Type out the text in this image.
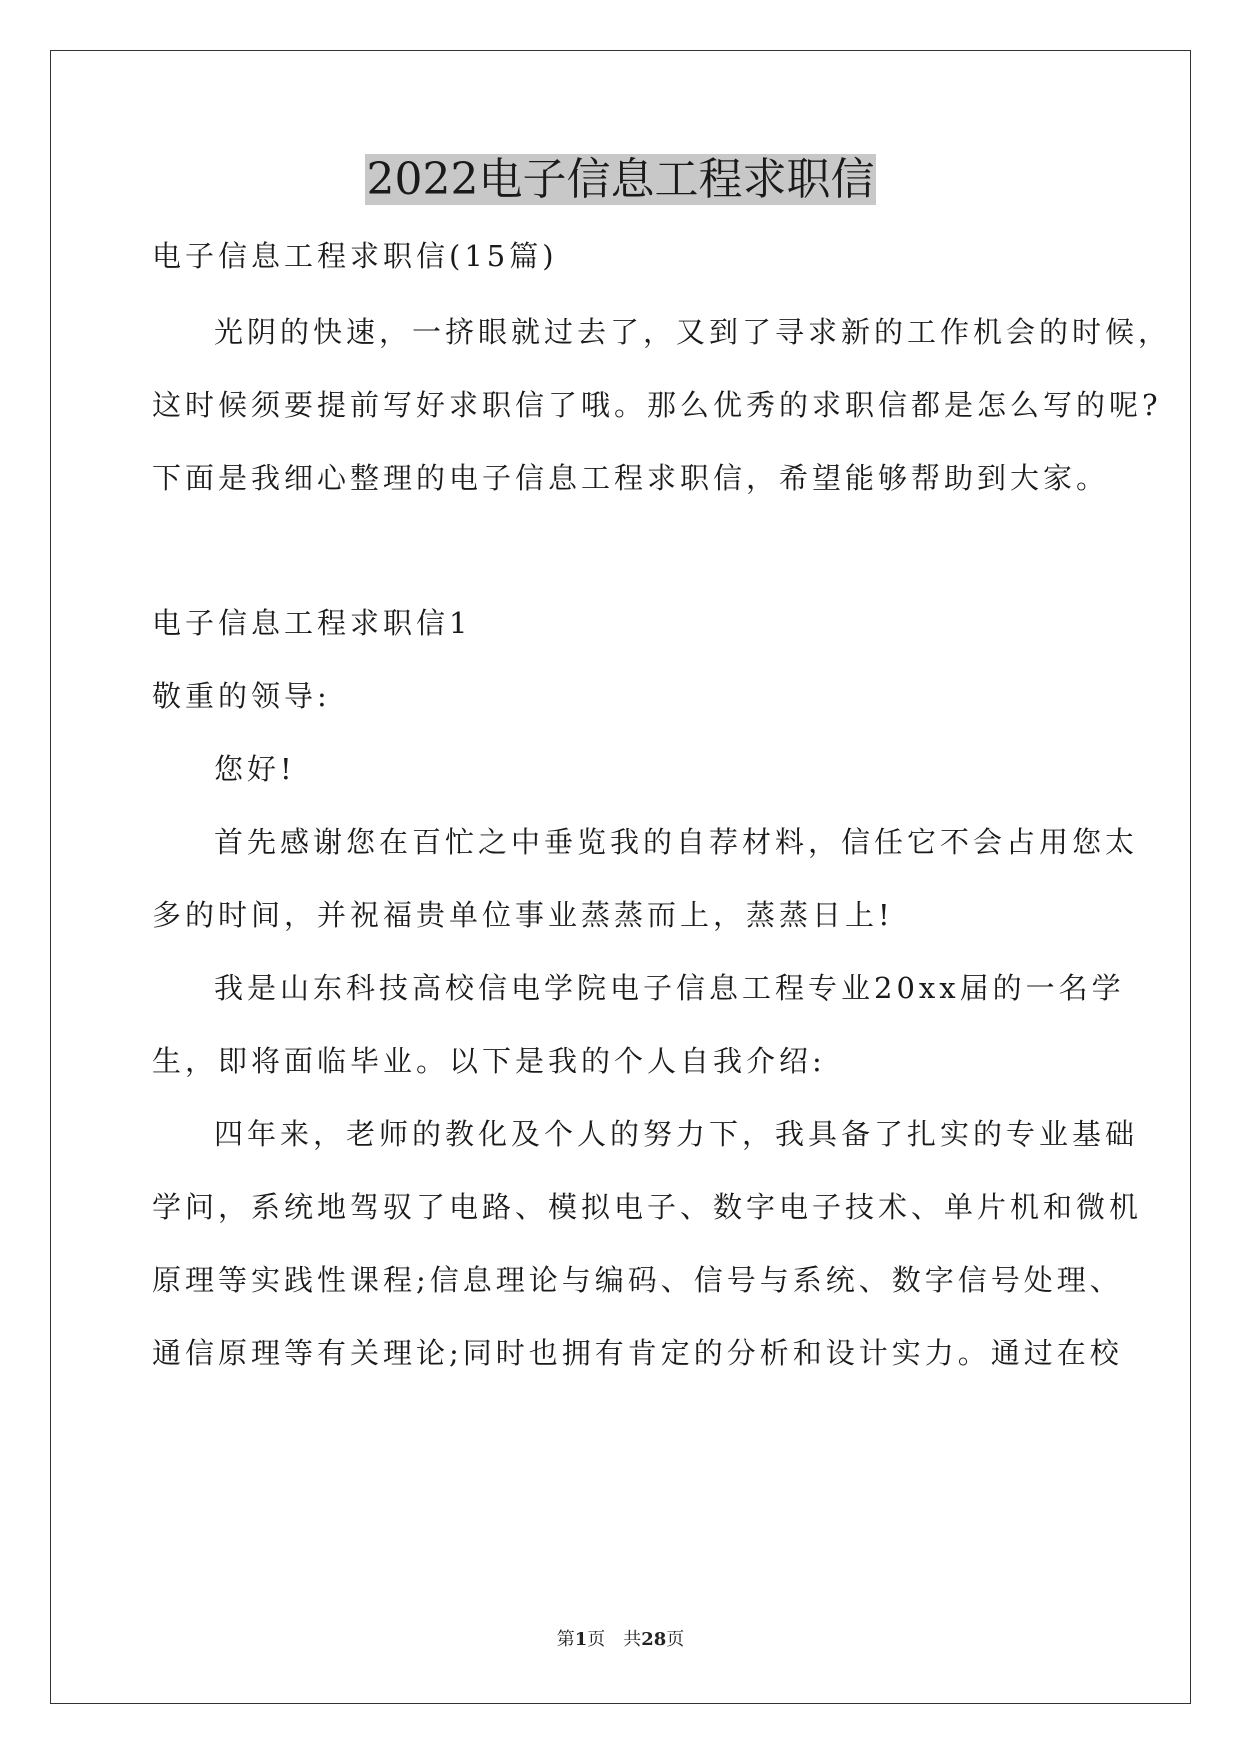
2022电子信息工程求职信
电子信息工程求职信(15篇)
光阴的快速，一挤眼就过去了，又到了寻求新的工作机会的时候，
这时候须要提前写好求职信了哦。那么优秀的求职信都是怎么写的呢?
下面是我细心整理的电子信息工程求职信，希望能够帮助到大家。
电子信息工程求职信1
敬重的领导:
您好!
首先感谢您在百忙之中垂览我的自荐材料，信任它不会占用您太
多的时间，并祝福贵单位事业蒸蒸而上，蒸蒸日上!
我是山东科技高校信电学院电子信息工程专业20xx届的一名学
生，即将面临毕业。以下是我的个人自我介绍:
四年来，老师的教化及个人的努力下，我具备了扎实的专业基础
学问，系统地驾驭了电路、模拟电子、数字电子技术、单片机和微机
原理等实践性课程;信息理论与编码、信号与系统、数字信号处理、
通信原理等有关理论;同时也拥有肯定的分析和设计实力。通过在校
第1页　共28页
